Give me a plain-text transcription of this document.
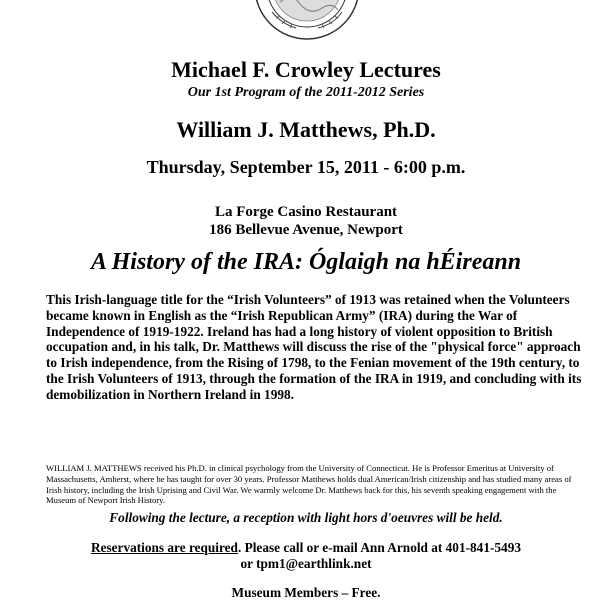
Michael F. Crowley Lectures
Our 1st Program of the 2011-2012 Series
William J. Matthews, Ph.D.
Thursday, September 15, 2011 - 6:00 p.m.
La Forge Casino Restaurant
186 Bellevue Avenue, Newport
A History of the IRA: Óglaigh na hÉireann
This Irish-language title for the “Irish Volunteers” of 1913 was retained when the Volunteers became known in English as the “Irish Republican Army” (IRA) during the War of Independence of 1919-1922. Ireland has had a long history of violent opposition to British occupation and, in his talk, Dr. Matthews will discuss the rise of the "physical force" approach to Irish independence, from the Rising of 1798, to the Fenian movement of the 19th century, to the Irish Volunteers of 1913, through the formation of the IRA in 1919, and concluding with its demobilization in Northern Ireland in 1998.
WILLIAM J. MATTHEWS received his Ph.D. in clinical psychology from the University of Connecticut. He is Professor Emeritus at University of Massachusetts, Amherst, where he has taught for over 30 years. Professor Matthews holds dual American/Irish citizenship and has studied many areas of Irish history, including the Irish Uprising and Civil War. We warmly welcome Dr. Matthews back for this, his seventh speaking engagement with the Museum of Newport Irish History.
Following the lecture, a reception with light hors d'oeuvres will be held.
Reservations are required. Please call or e-mail Ann Arnold at 401-841-5493
or tpm1@earthlink.net
Museum Members – Free.
